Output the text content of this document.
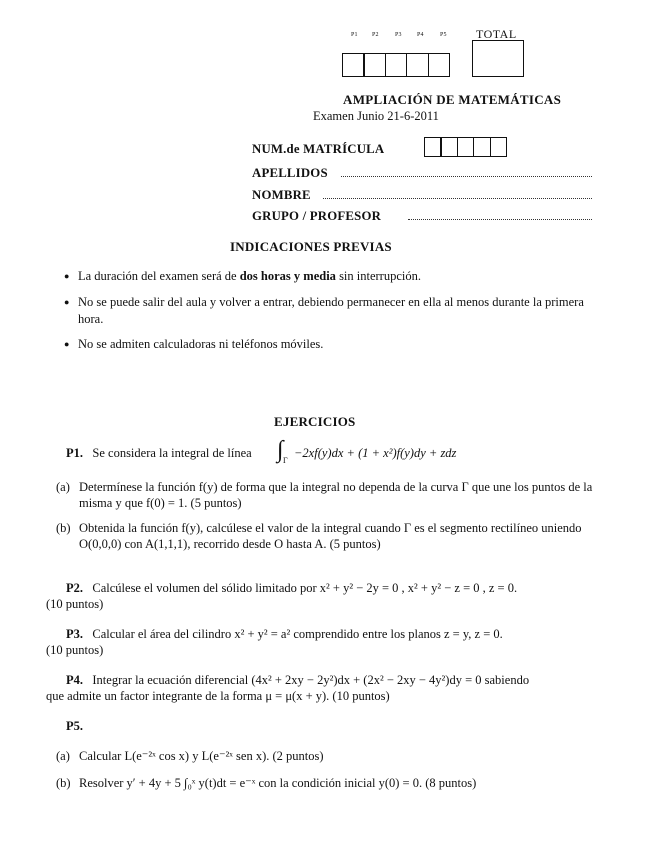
P1 P2	P3	P4	P5 TOTAL
AMPLIACIÓN DE MATEMÁTICAS
Examen Junio 21-6-2011
NUM.de MATRÍCULA
APELLIDOS
NOMBRE
GRUPO / PROFESOR
INDICACIONES PREVIAS
● La duración del examen será de dos horas y media sin interrupción.
● No se puede salir del aula y volver a entrar, debiendo permanecer en ella al menos durante la primera hora.
● No se admiten calculadoras ni teléfonos móviles.
EJERCICIOS
P1. Se considera la integral de línea ∫ Γ
−2xf(y)dx + (1 + x²)f(y)dy + zdz
(a) Determínese la función f(y) de forma que la integral no dependa de la curva Γ que une los puntos de la misma y que f(0) = 1. (5 puntos)
(b) Obtenida la función f(y), calcúlese el valor de la integral cuando Γ es el segmento rectilíneo uniendo O(0,0,0) con A(1,1,1), recorrido desde O hasta A. (5 puntos)
P2. Calcúlese el volumen del sólido limitado por x² + y² − 2y = 0 , x² + y² − z = 0 , z = 0.
(10 puntos)
P3. Calcular el área del cilindro x² + y² = a² comprendido entre los planos z = y, z = 0.
(10 puntos)
P4. Integrar la ecuación diferencial (4x² + 2xy − 2y²)dx + (2x² − 2xy − 4y²)dy = 0 sabiendo
que admite un factor integrante de la forma μ = μ(x + y). (10 puntos)
P5.
(a) Calcular L(e⁻²ˣ cos x) y L(e⁻²ˣ sen x). (2 puntos)
(b) Resolver y′ + 4y + 5 ∫₀ˣ y(t)dt = e⁻ˣ con la condición inicial y(0) = 0. (8 puntos)
